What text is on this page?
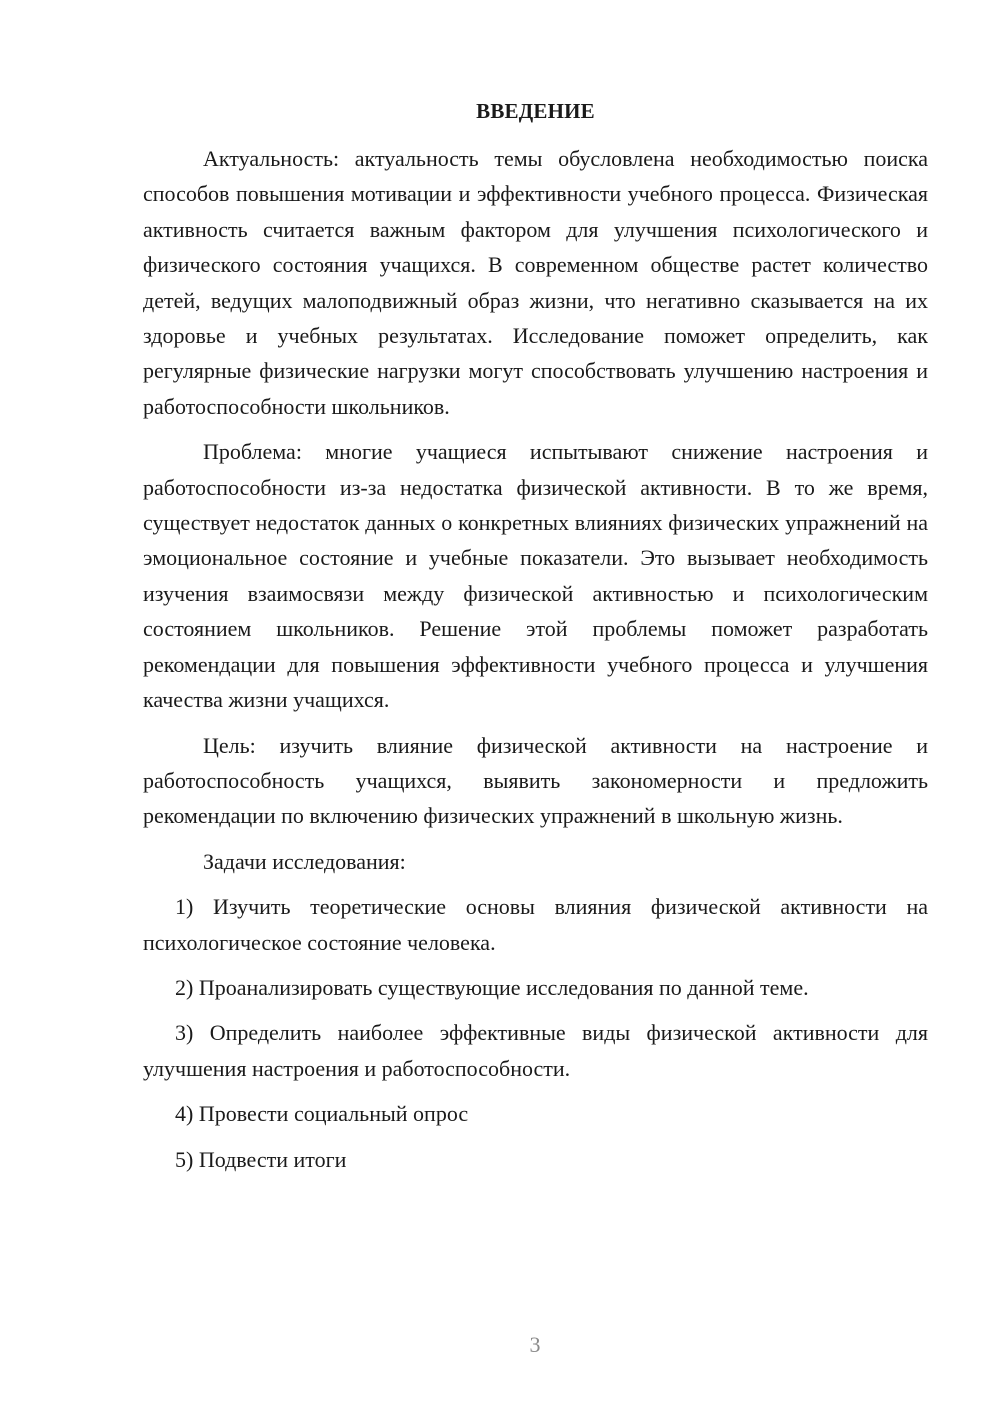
ВВЕДЕНИЕ

Актуальность: актуальность темы обусловлена необходимостью поиска способов повышения мотивации и эффективности учебного процесса. Физическая активность считается важным фактором для улучшения психологического и физического состояния учащихся. В современном обществе растет количество детей, ведущих малоподвижный образ жизни, что негативно сказывается на их здоровье и учебных результатах. Исследование поможет определить, как регулярные физические нагрузки могут способствовать улучшению настроения и работоспособности школьников.

Проблема: многие учащиеся испытывают снижение настроения и работоспособности из-за недостатка физической активности. В то же время, существует недостаток данных о конкретных влияниях физических упражнений на эмоциональное состояние и учебные показатели. Это вызывает необходимость изучения взаимосвязи между физической активностью и психологическим состоянием школьников. Решение этой проблемы поможет разработать рекомендации для повышения эффективности учебного процесса и улучшения качества жизни учащихся.

Цель: изучить влияние физической активности на настроение и работоспособность учащихся, выявить закономерности и предложить рекомендации по включению физических упражнений в школьную жизнь.

Задачи исследования:

1) Изучить теоретические основы влияния физической активности на психологическое состояние человека.
2) Проанализировать существующие исследования по данной теме.
3) Определить наиболее эффективные виды физической активности для улучшения настроения и работоспособности.
4) Провести социальный опрос
5) Подвести итоги
3
